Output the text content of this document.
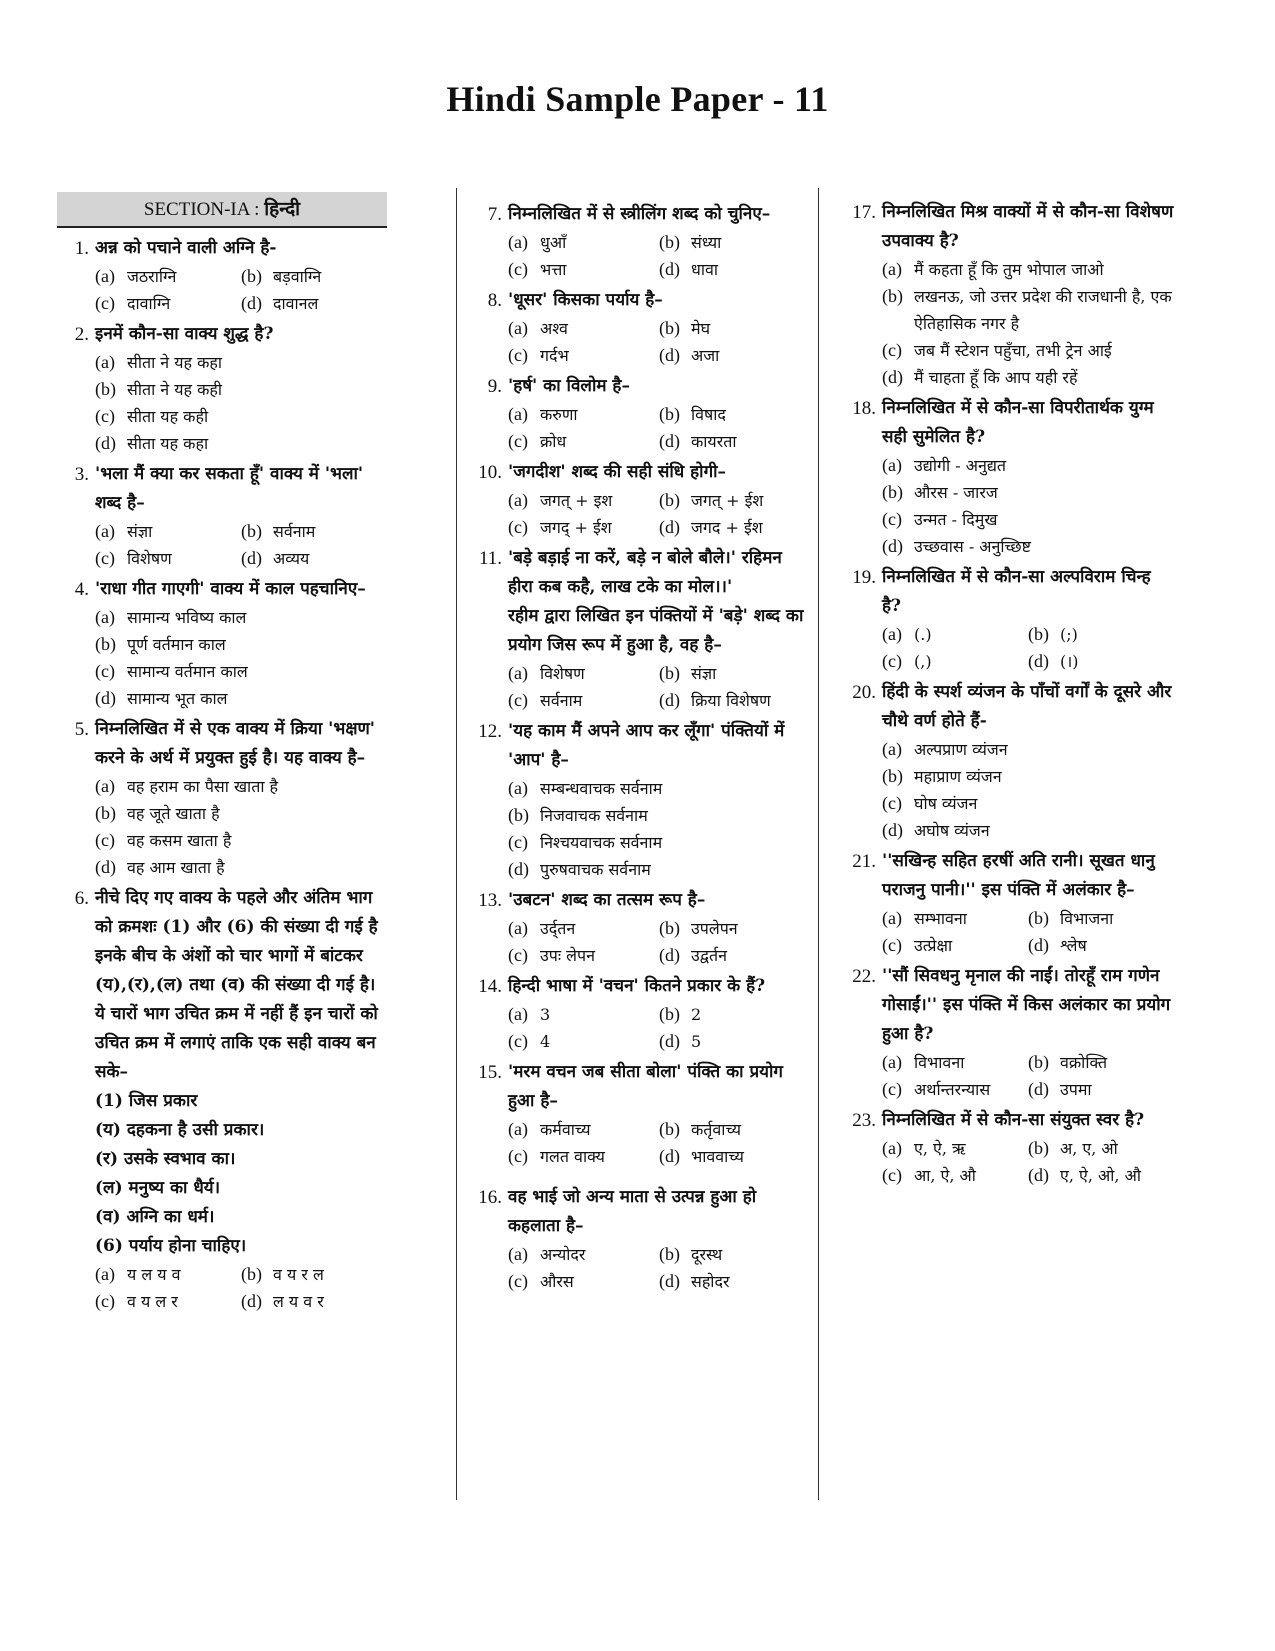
Hindi Sample Paper - 11
SECTION-IA : हिन्दी
1. अन्न को पचाने वाली अग्नि है-
(a) जठराग्नि	(b) बड़वाग्नि
(c) दावाग्नि	(d) दावानल
2. इनमें कौन-सा वाक्य शुद्ध है?
(a) सीता ने यह कहा
(b) सीता ने यह कही
(c) सीता यह कही
(d) सीता यह कहा
3. 'भला मैं क्या कर सकता हूँ' वाक्य में 'भला' शब्द है–
(a) संज्ञा	(b) सर्वनाम
(c) विशेषण	(d) अव्यय
4. 'राधा गीत गाएगी' वाक्य में काल पहचानिए–
(a) सामान्य भविष्य काल
(b) पूर्ण वर्तमान काल
(c) सामान्य वर्तमान काल
(d) सामान्य भूत काल
5. निम्नलिखित में से एक वाक्य में क्रिया 'भक्षण' करने के अर्थ में प्रयुक्त हुई है। यह वाक्य है–
(a) वह हराम का पैसा खाता है
(b) वह जूते खाता है
(c) वह कसम खाता है
(d) वह आम खाता है
6. नीचे दिए गए वाक्य के पहले और अंतिम भाग को क्रमशः (1) और (6) की संख्या दी गई है इनके बीच के अंशों को चार भागों में बांटकर (य),(र),(ल) तथा (व) की संख्या दी गई है। ये चारों भाग उचित क्रम में नहीं हैं इन चारों को उचित क्रम में लगाएं ताकि एक सही वाक्य बन सके–
(1) जिस प्रकार
(य) दहकना है उसी प्रकार।
(र) उसके स्वभाव का।
(ल) मनुष्य का धैर्य।
(व) अग्नि का धर्म।
(6) पर्याय होना चाहिए।
(a) य ल य व	(b) व य र ल
(c) व य ल र	(d) ल य व र
7. निम्नलिखित में से स्त्रीलिंग शब्द को चुनिए–
(a) धुआँ	(b) संध्या
(c) भत्ता	(d) धावा
8. 'धूसर' किसका पर्याय है–
(a) अश्व	(b) मेघ
(c) गर्दभ	(d) अजा
9. 'हर्ष' का विलोम है–
(a) करुणा	(b) विषाद
(c) क्रोध	(d) कायरता
10. 'जगदीश' शब्द की सही संधि होगी–
(a) जगत् + इश	(b) जगत् + ईश
(c) जगद् + ईश	(d) जगद + ईश
11. 'बड़े बड़ाई ना करें, बड़े न बोले बौले।' रहिमन हीरा कब कहै, लाख टके का मोल।।'
रहीम द्वारा लिखित इन पंक्तियों में 'बड़े' शब्द का प्रयोग जिस रूप में हुआ है, वह है–
(a) विशेषण	(b) संज्ञा
(c) सर्वनाम	(d) क्रिया विशेषण
12. 'यह काम मैं अपने आप कर लूँगा' पंक्तियों में 'आप' है–
(a) सम्बन्धवाचक सर्वनाम
(b) निजवाचक सर्वनाम
(c) निश्चयवाचक सर्वनाम
(d) पुरुषवाचक सर्वनाम
13. 'उबटन' शब्द का तत्सम रूप है–
(a) उर्द्तन	(b) उपलेपन
(c) उपः लेपन	(d) उद्वर्तन
14. हिन्दी भाषा में 'वचन' कितने प्रकार के हैं?
(a) 3	(b) 2
(c) 4	(d) 5
15. 'मरम वचन जब सीता बोला' पंक्ति का प्रयोग हुआ है–
(a) कर्मवाच्य	(b) कर्तृवाच्य
(c) गलत वाक्य	(d) भाववाच्य
16. वह भाई जो अन्य माता से उत्पन्न हुआ हो कहलाता है–
(a) अन्योदर	(b) दूरस्थ
(c) औरस	(d) सहोदर
17. निम्नलिखित मिश्र वाक्यों में से कौन-सा विशेषण उपवाक्य है?
(a) मैं कहता हूँ कि तुम भोपाल जाओ
(b) लखनऊ, जो उत्तर प्रदेश की राजधानी है, एक ऐतिहासिक नगर है
(c) जब मैं स्टेशन पहुँचा, तभी ट्रेन आई
(d) मैं चाहता हूँ कि आप यही रहें
18. निम्नलिखित में से कौन-सा विपरीतार्थक युग्म सही सुमेलित है?
(a) उद्योगी - अनुद्यत
(b) औरस - जारज
(c) उन्मत - दिमुख
(d) उच्छवास - अनुच्छिष्ट
19. निम्नलिखित में से कौन-सा अल्पविराम चिन्ह है?
(a) (.)	(b) (;)
(c) (,)	(d) (।)
20. हिंदी के स्पर्श व्यंजन के पाँचों वर्गों के दूसरे और चौथे वर्ण होते हैं-
(a) अल्पप्राण व्यंजन
(b) महाप्राण व्यंजन
(c) घोष व्यंजन
(d) अघोष व्यंजन
21. ''सखिन्ह सहित हरषीं अति रानी। सूखत धानु पराजनु पानी।'' इस पंक्ति में अलंकार है–
(a) सम्भावना	(b) विभाजना
(c) उत्प्रेक्षा	(d) श्लेष
22. ''सौं सिवधनु मृनाल की नाईं। तोरहूँ राम गणेन गोसाईं।'' इस पंक्ति में किस अलंकार का प्रयोग हुआ है?
(a) विभावना	(b) वक्रोक्ति
(c) अर्थान्तरन्यास	(d) उपमा
23. निम्नलिखित में से कौन-सा संयुक्त स्वर है?
(a) ए, ऐ, ऋ	(b) अ, ए, ओ
(c) आ, ऐ, औ	(d) ए, ऐ, ओ, औ
